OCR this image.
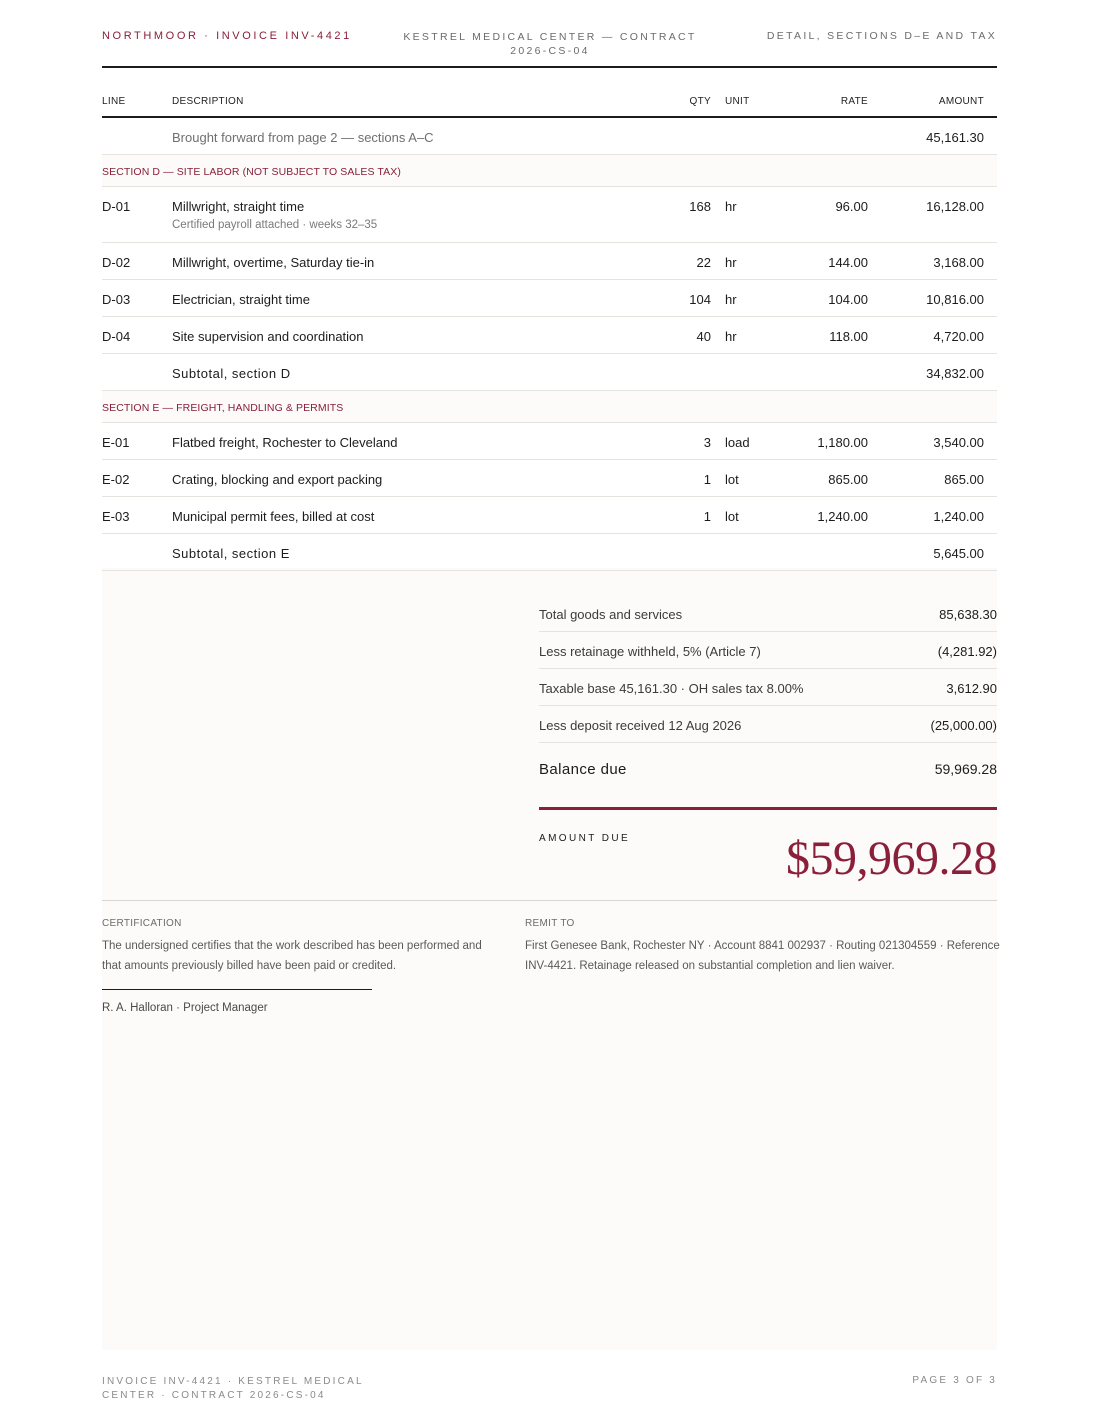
NORTHMOOR · INVOICE INV-4421	KESTREL MEDICAL CENTER — CONTRACT 2026-CS-04
DETAIL, SECTIONS D–E AND TAX
LINE	DESCRIPTION	QTY UNIT	RATE	AMOUNT
Brought forward from page 2 — sections A–C	45,161.30
SECTION D — SITE LABOR (NOT SUBJECT TO SALES TAX)
D-01	Millwright, straight time
Certified payroll attached · weeks 32–35
168 hr	96.00	16,128.00
D-02	Millwright, overtime, Saturday tie-in	22 hr	144.00	3,168.00
D-03	Electrician, straight time	104 hr	104.00	10,816.00
D-04	Site supervision and coordination	40 hr	118.00	4,720.00
Subtotal, section D	34,832.00
SECTION E — FREIGHT, HANDLING & PERMITS
E-01	Flatbed freight, Rochester to Cleveland	3 load	1,180.00	3,540.00
E-02	Crating, blocking and export packing	1 lot	865.00	865.00
E-03	Municipal permit fees, billed at cost	1 lot	1,240.00	1,240.00
Subtotal, section E	5,645.00
Total goods and services	85,638.30
Less retainage withheld, 5% (Article 7)	(4,281.92)
Taxable base 45,161.30 · OH sales tax 8.00%	3,612.90
Less deposit received 12 Aug 2026	(25,000.00)
Balance due	59,969.28
AMOUNT DUE	$59,969.28
CERTIFICATION
The undersigned certifies that the work described has been performed and that amounts previously billed have been paid or credited.
R. A. Halloran · Project Manager
REMIT TO
First Genesee Bank, Rochester NY · Account 8841 002937 · Routing 021304559 · Reference INV-4421. Retainage released on substantial completion and lien waiver.
INVOICE INV-4421 · KESTREL MEDICAL CENTER · CONTRACT 2026-CS-04
PAGE 3 OF 3
